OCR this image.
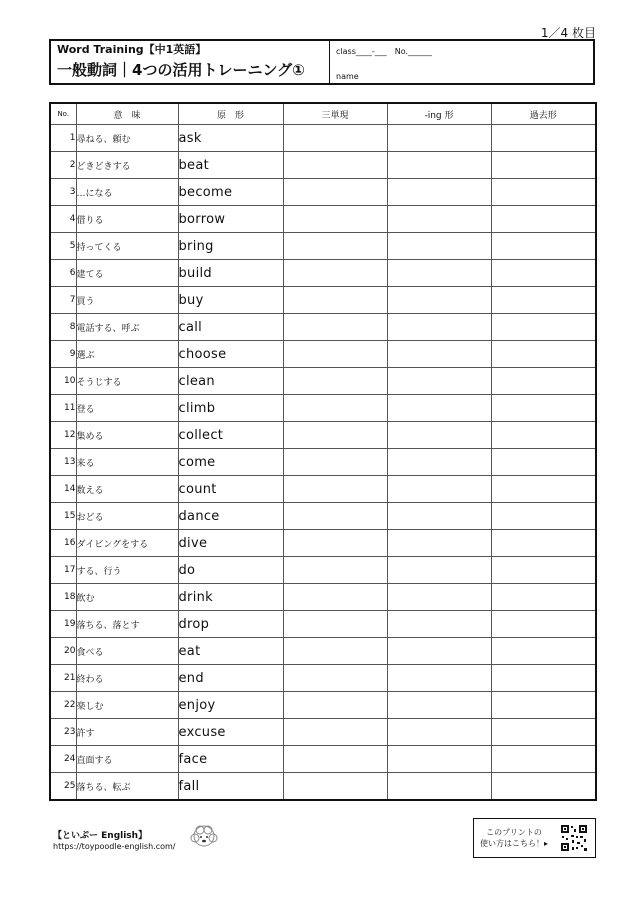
1／4 枚目
Word Training【中1英語】
一般動詞｜4つの活用トレーニング①
class____-___　No.______
name
No.	意　味	原　形	三単現	-ing 形	過去形
1	尋ねる、頼む	ask			
2	どきどきする	beat			
3	…になる	become			
4	借りる	borrow			
5	持ってくる	bring			
6	建てる	build			
7	買う	buy			
8	電話する、呼ぶ	call			
9	選ぶ	choose			
10	そうじする	clean			
11	登る	climb			
12	集める	collect			
13	来る	come			
14	数える	count			
15	おどる	dance			
16	ダイビングをする	dive			
17	する、行う	do			
18	飲む	drink			
19	落ちる、落とす	drop			
20	食べる	eat			
21	終わる	end			
22	楽しむ	enjoy			
23	許す	excuse			
24	直面する	face			
25	落ちる、転ぶ	fall			
【といぷー English】
https://toypoodle-english.com/
このプリントの
使い方はこちら！▸
